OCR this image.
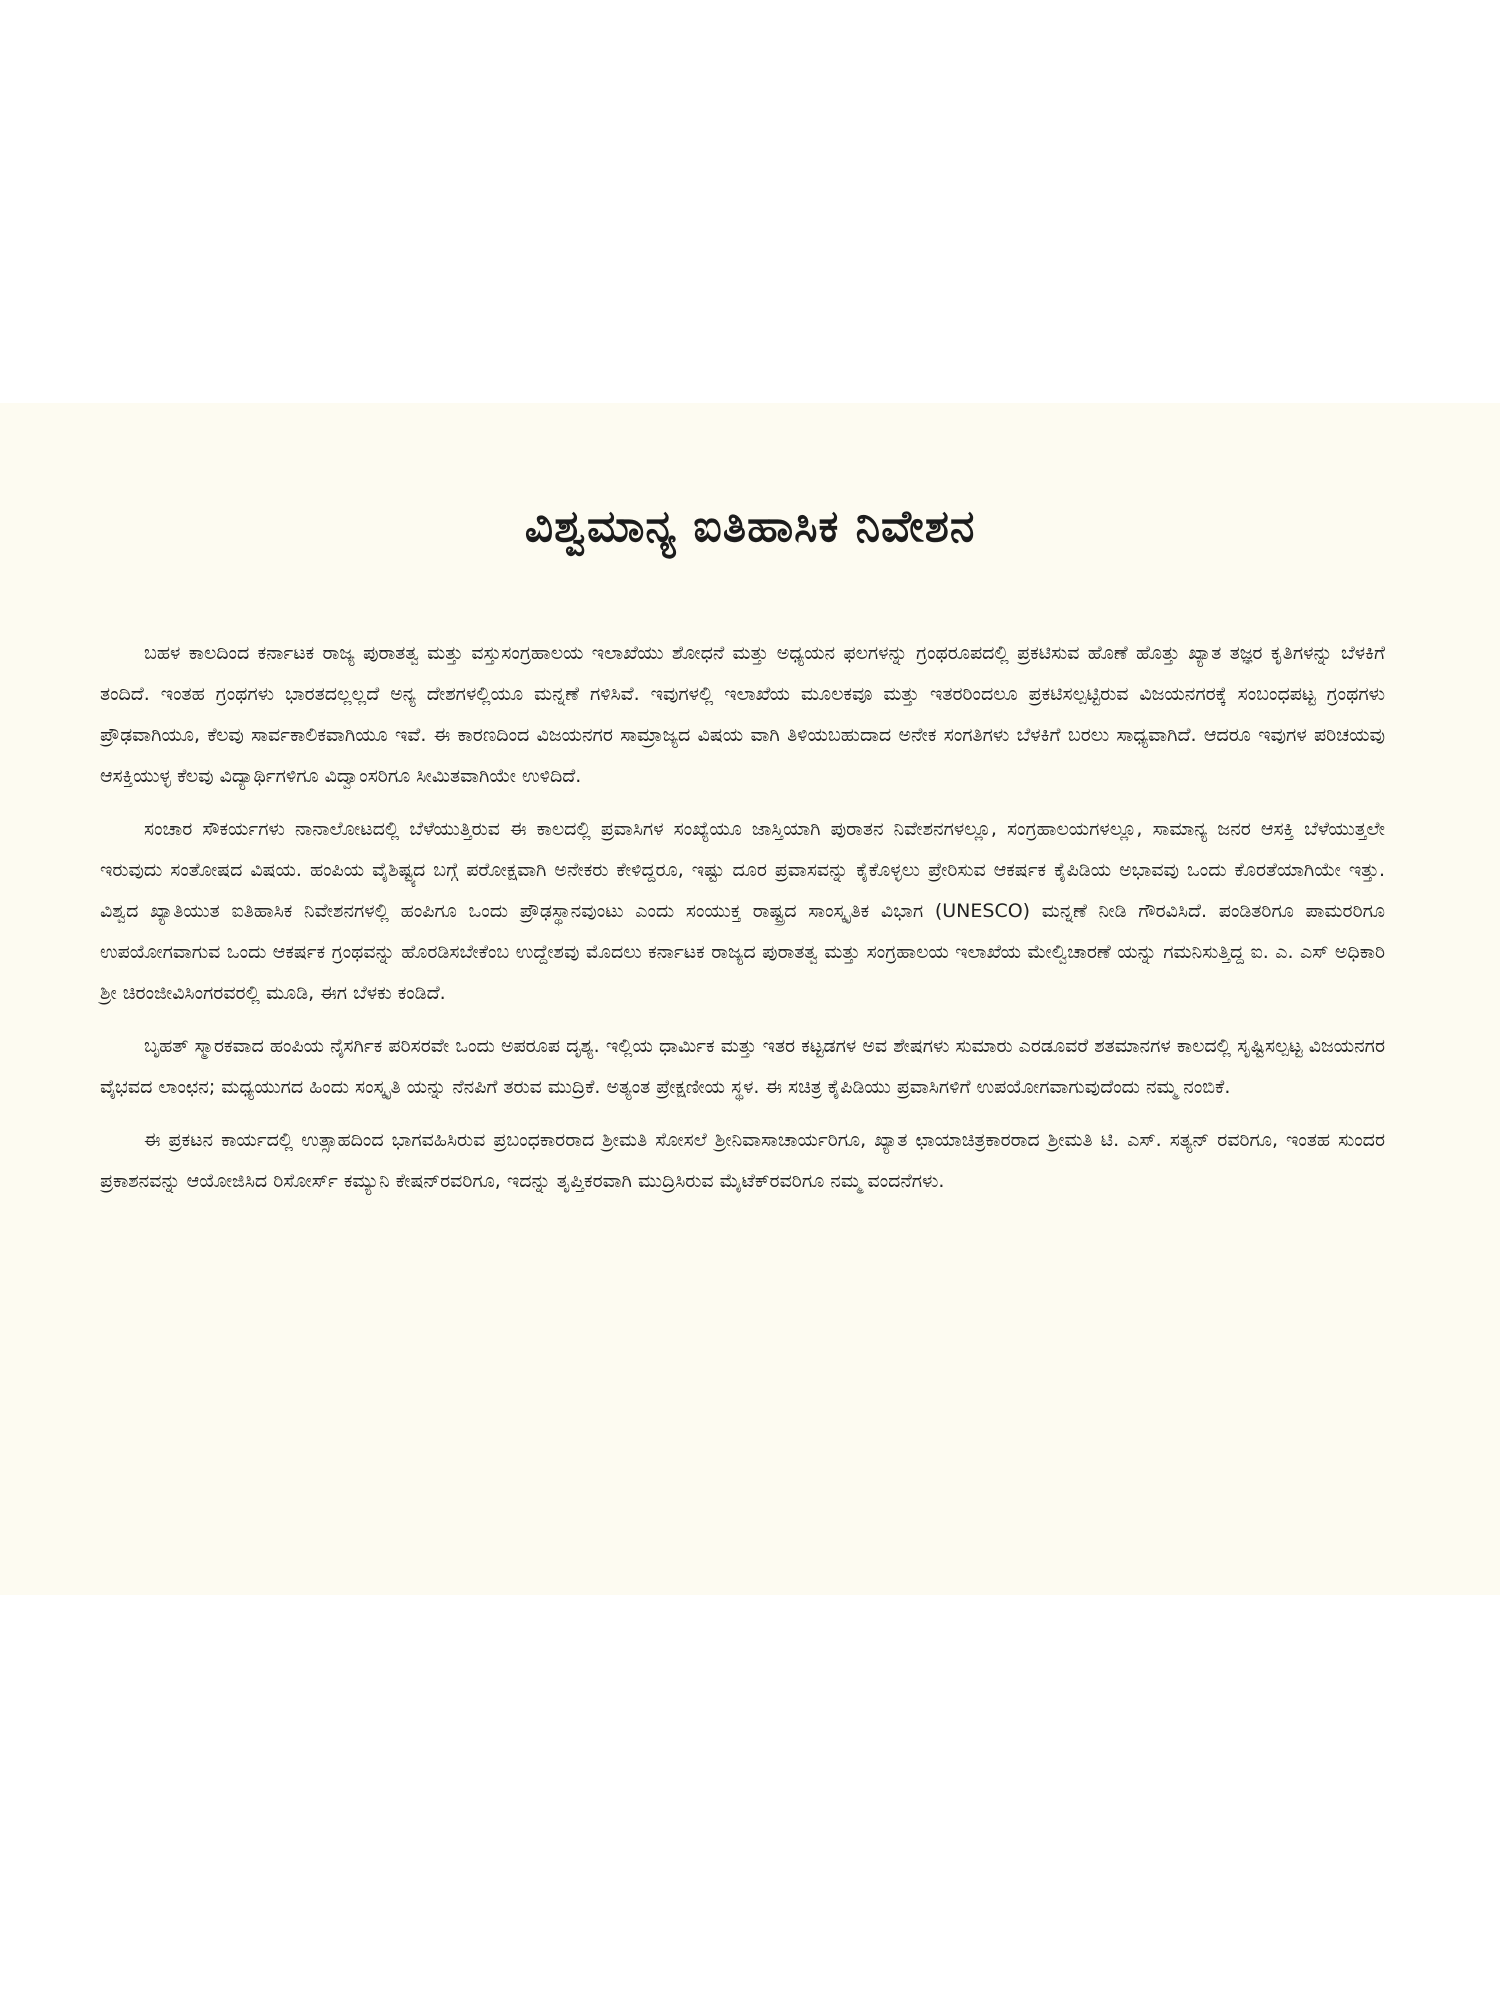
ವಿಶ್ವಮಾನ್ಯ ಐತಿಹಾಸಿಕ ನಿವೇಶನ

ಬಹಳ ಕಾಲದಿಂದ ಕರ್ನಾಟಕ ರಾಜ್ಯ ಪುರಾತತ್ವ ಮತ್ತು ವಸ್ತುಸಂಗ್ರಹಾಲಯ ಇಲಾಖೆಯು ಶೋಧನೆ ಮತ್ತು ಅಧ್ಯಯನ ಫಲಗಳನ್ನು ಗ್ರಂಥರೂಪದಲ್ಲಿ ಪ್ರಕಟಿಸುವ ಹೊಣೆ ಹೊತ್ತು ಖ್ಯಾತ ತಜ್ಞರ ಕೃತಿಗಳನ್ನು ಬೆಳಕಿಗೆ ತಂದಿದೆ. ಇಂತಹ ಗ್ರಂಥಗಳು ಭಾರತದಲ್ಲಲ್ಲದೆ ಅನ್ಯ ದೇಶಗಳಲ್ಲಿಯೂ ಮನ್ನಣೆ ಗಳಿಸಿವೆ. ಇವುಗಳಲ್ಲಿ ಇಲಾಖೆಯ ಮೂಲಕವೂ ಮತ್ತು ಇತರರಿಂದಲೂ ಪ್ರಕಟಿಸಲ್ಪಟ್ಟಿರುವ ವಿಜಯನಗರಕ್ಕೆ ಸಂಬಂಧಪಟ್ಟ ಗ್ರಂಥಗಳು ಪ್ರೌಢವಾಗಿಯೂ, ಕೆಲವು ಸಾರ್ವಕಾಲಿಕವಾಗಿಯೂ ಇವೆ. ಈ ಕಾರಣದಿಂದ ವಿಜಯನಗರ ಸಾಮ್ರಾಜ್ಯದ ವಿಷಯ ವಾಗಿ ತಿಳಿಯಬಹುದಾದ ಅನೇಕ ಸಂಗತಿಗಳು ಬೆಳಕಿಗೆ ಬರಲು ಸಾಧ್ಯವಾಗಿದೆ. ಆದರೂ ಇವುಗಳ ಪರಿಚಯವು ಆಸಕ್ತಿಯುಳ್ಳ ಕೆಲವು ವಿದ್ಯಾರ್ಥಿಗಳಿಗೂ ವಿದ್ವಾಂಸರಿಗೂ ಸೀಮಿತವಾಗಿಯೇ ಉಳಿದಿದೆ.

ಸಂಚಾರ ಸೌಕರ್ಯಗಳು ನಾನಾಲೋಟದಲ್ಲಿ ಬೆಳೆಯುತ್ತಿರುವ ಈ ಕಾಲದಲ್ಲಿ ಪ್ರವಾಸಿಗಳ ಸಂಖ್ಯೆಯೂ ಜಾಸ್ತಿಯಾಗಿ ಪುರಾತನ ನಿವೇಶನಗಳಲ್ಲೂ, ಸಂಗ್ರಹಾಲಯಗಳಲ್ಲೂ, ಸಾಮಾನ್ಯ ಜನರ ಆಸಕ್ತಿ ಬೆಳೆಯುತ್ತಲೇ ಇರುವುದು ಸಂತೋಷದ ವಿಷಯ. ಹಂಪಿಯ ವೈಶಿಷ್ಟ್ಯದ ಬಗ್ಗೆ ಪರೋಕ್ಷವಾಗಿ ಅನೇಕರು ಕೇಳಿದ್ದರೂ, ಇಷ್ಟು ದೂರ ಪ್ರವಾಸವನ್ನು ಕೈಕೊಳ್ಳಲು ಪ್ರೇರಿಸುವ ಆಕರ್ಷಕ ಕೈಪಿಡಿಯ ಅಭಾವವು ಒಂದು ಕೊರತೆಯಾಗಿಯೇ ಇತ್ತು. ವಿಶ್ವದ ಖ್ಯಾತಿಯುತ ಐತಿಹಾಸಿಕ ನಿವೇಶನಗಳಲ್ಲಿ ಹಂಪಿಗೂ ಒಂದು ಪ್ರೌಢಸ್ಥಾನವುಂಟು ಎಂದು ಸಂಯುಕ್ತ ರಾಷ್ಟ್ರದ ಸಾಂಸ್ಕೃತಿಕ ವಿಭಾಗ (UNESCO) ಮನ್ನಣೆ ನೀಡಿ ಗೌರವಿಸಿದೆ. ಪಂಡಿತರಿಗೂ ಪಾಮರರಿಗೂ ಉಪಯೋಗವಾಗುವ ಒಂದು ಆಕರ್ಷಕ ಗ್ರಂಥವನ್ನು ಹೊರಡಿಸಬೇಕೆಂಬ ಉದ್ದೇಶವು ಮೊದಲು ಕರ್ನಾಟಕ ರಾಜ್ಯದ ಪುರಾತತ್ವ ಮತ್ತು ಸಂಗ್ರಹಾಲಯ ಇಲಾಖೆಯ ಮೇಲ್ವಿಚಾರಣೆ ಯನ್ನು ಗಮನಿಸುತ್ತಿದ್ದ ಐ. ಎ. ಎಸ್ ಅಧಿಕಾರಿ ಶ್ರೀ ಚಿರಂಜೀವಿಸಿಂಗರವರಲ್ಲಿ ಮೂಡಿ, ಈಗ ಬೆಳಕು ಕಂಡಿದೆ.

ಬೃಹತ್ ಸ್ಮಾರಕವಾದ ಹಂಪಿಯ ನೈಸರ್ಗಿಕ ಪರಿಸರವೇ ಒಂದು ಅಪರೂಪ ದೃಶ್ಯ. ಇಲ್ಲಿಯ ಧಾರ್ಮಿಕ ಮತ್ತು ಇತರ ಕಟ್ಟಡಗಳ ಅವ ಶೇಷಗಳು ಸುಮಾರು ಎರಡೂವರೆ ಶತಮಾನಗಳ ಕಾಲದಲ್ಲಿ ಸೃಷ್ಟಿಸಲ್ಪಟ್ಟ ವಿಜಯನಗರ ವೈಭವದ ಲಾಂಛನ; ಮಧ್ಯಯುಗದ ಹಿಂದು ಸಂಸ್ಕೃತಿ ಯನ್ನು ನೆನಪಿಗೆ ತರುವ ಮುದ್ರಿಕೆ. ಅತ್ಯಂತ ಪ್ರೇಕ್ಷಣೀಯ ಸ್ಥಳ. ಈ ಸಚಿತ್ರ ಕೈಪಿಡಿಯು ಪ್ರವಾಸಿಗಳಿಗೆ ಉಪಯೋಗವಾಗುವುದೆಂದು ನಮ್ಮ ನಂಬಿಕೆ.

ಈ ಪ್ರಕಟನ ಕಾರ್ಯದಲ್ಲಿ ಉತ್ಸಾಹದಿಂದ ಭಾಗವಹಿಸಿರುವ ಪ್ರಬಂಧಕಾರರಾದ ಶ್ರೀಮತಿ ಸೋಸಲೆ ಶ್ರೀನಿವಾಸಾಚಾರ್ಯರಿಗೂ, ಖ್ಯಾತ ಛಾಯಾಚಿತ್ರಕಾರರಾದ ಶ್ರೀಮತಿ ಟಿ. ಎಸ್. ಸತ್ಯನ್ ರವರಿಗೂ, ಇಂತಹ ಸುಂದರ ಪ್ರಕಾಶನವನ್ನು ಆಯೋಜಿಸಿದ ರಿಸೋರ್ಸ್ ಕಮ್ಯುನಿ ಕೇಷನ್‌ರವರಿಗೂ, ಇದನ್ನು ತೃಪ್ತಿಕರವಾಗಿ ಮುದ್ರಿಸಿರುವ ಮೈಟೆಕ್‌ರವರಿಗೂ ನಮ್ಮ ವಂದನೆಗಳು.
